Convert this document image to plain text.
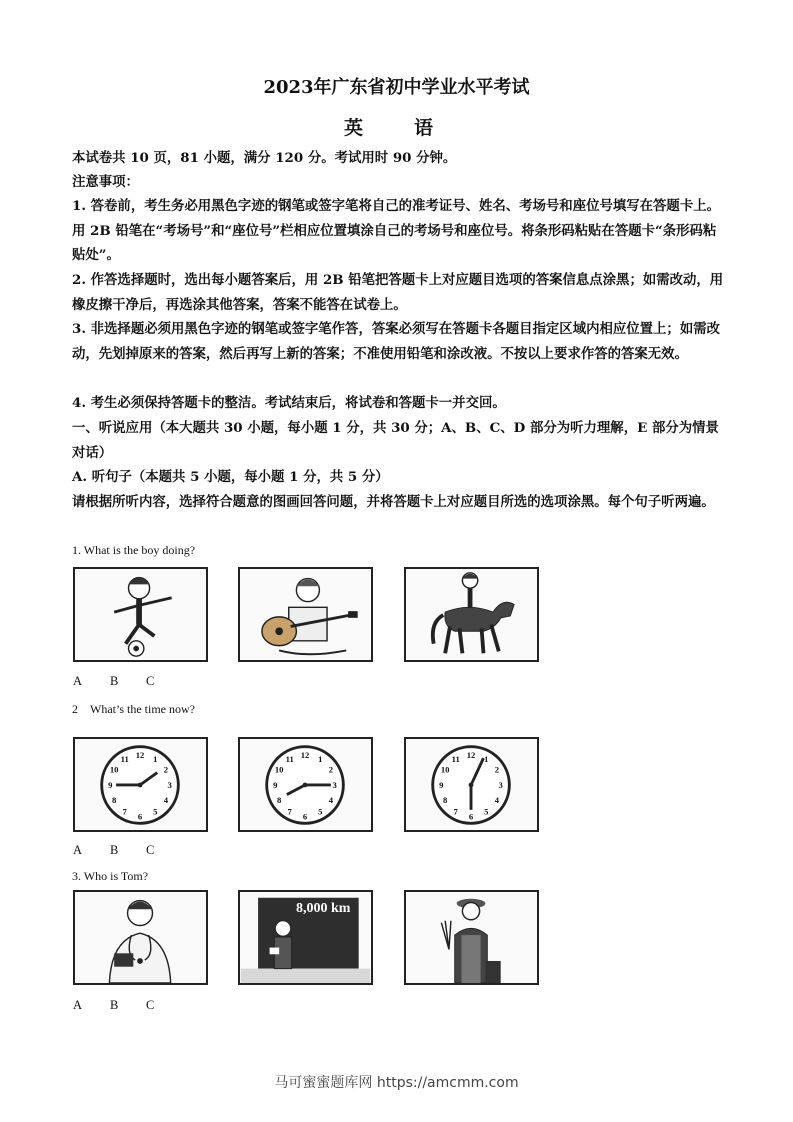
2023年广东省初中学业水平考试
英　语
本试卷共 10 页，81 小题，满分 120 分。考试用时 90 分钟。
注意事项：
1. 答卷前，考生务必用黑色字迹的钢笔或签字笔将自己的准考证号、姓名、考场号和座位号填写在答题卡上。用 2B 铅笔在“考场号”和“座位号”栏相应位置填涂自己的考场号和座位号。将条形码粘贴在答题卡“条形码粘贴处”。
2. 作答选择题时，选出每小题答案后，用 2B 铅笔把答题卡上对应题目选项的答案信息点涂黑；如需改动，用橡皮擦干净后，再选涂其他答案，答案不能答在试卷上。
3. 非选择题必须用黑色字迹的钢笔或签字笔作答，答案必须写在答题卡各题目指定区域内相应位置上；如需改动，先划掉原来的答案，然后再写上新的答案；不准使用铅笔和涂改液。不按以上要求作答的答案无效。
4. 考生必须保持答题卡的整洁。考试结束后，将试卷和答题卡一并交回。
一、听说应用（本大题共 30 小题，每小题 1 分，共 30 分；A、B、C、D 部分为听力理解，E 部分为情景对话）
A. 听句子（本题共 5 小题，每小题 1 分，共 5 分）
请根据所听内容，选择符合题意的图画回答问题，并将答题卡上对应题目所选的选项涂黑。每个句子听两遍。
1. What is the boy doing?
A B C
2　What’s the time now?
12 1
2
3
4
5
6
7
8
9
10
11	12 1
2
3
4
5
6
7
8
9
10
11	12 1
2
3
4
5
6
7
8
9
10
11
A B C
3. Who is Tom?
8,000 km
A B C
马可蜜蜜题库网 https://amcmm.com
